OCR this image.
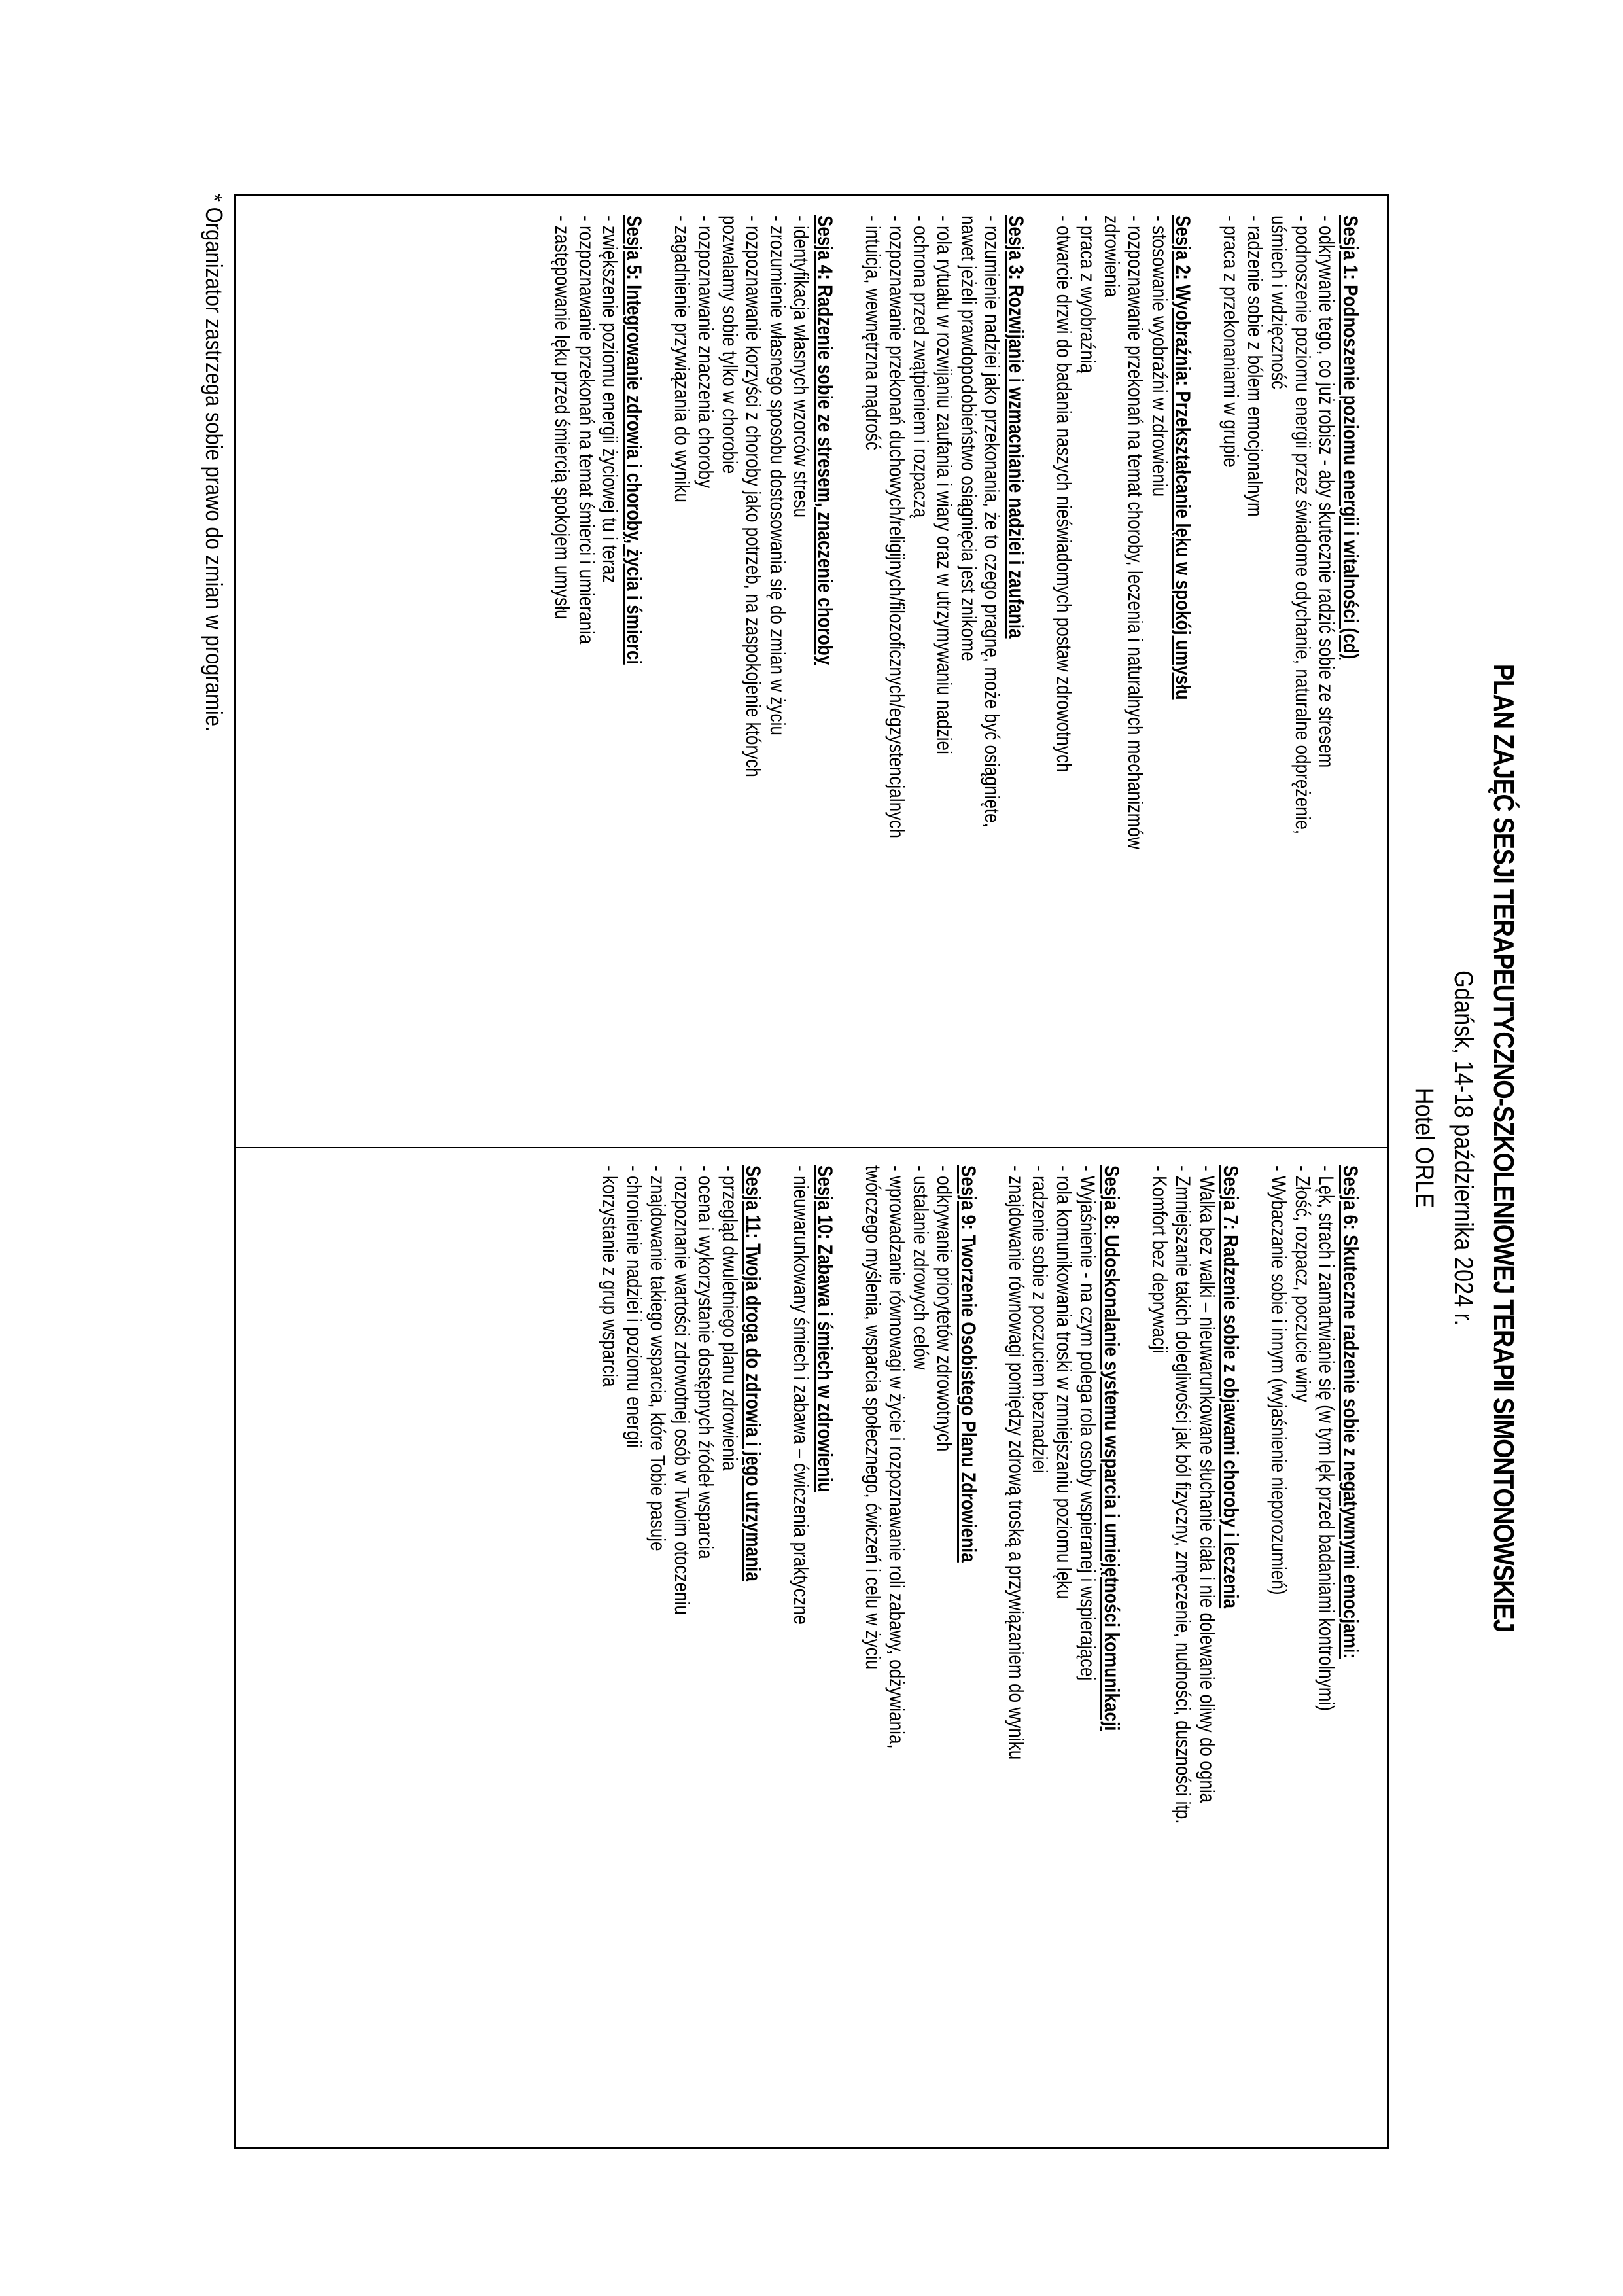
PLAN ZAJĘĆ SESJI TERAPEUTYCZNO-SZKOLENIOWEJ TERAPII SIMONTONOWSKIEJ
Gdańsk, 14-18 października 2024 r.
Hotel ORLE
Sesja 1: Podnoszenie poziomu energii i witalności (cd)
- odkrywanie tego, co już robisz - aby skutecznie radzić sobie ze stresem
- podnoszenie poziomu energii przez świadome odychanie, naturalne odprężenie,
uśmiech i wdzięczność
- radzenie sobie z bólem emocjonalnym
- praca z przekonaniami w grupie
Sesja 2: Wyobraźnia: Przekształcanie lęku w spokój umysłu
- stosowanie wyobraźni w zdrowieniu
- rozpoznawanie przekonań na temat choroby, leczenia i naturalnych mechanizmów
zdrowienia
- praca z wyobraźnią
- otwarcie drzwi do badania naszych nieświadomych postaw zdrowotnych
Sesja 3: Rozwijanie i wzmacnianie nadziei i zaufania
- rozumienie nadziei jako przekonania, że to czego pragnę, może być osiągnięte,
nawet jeżeli prawdopodobieństwo osiągnięcia jest znikome
- rola rytuału w rozwijaniu zaufania i wiary oraz w utrzymywaniu nadziei
- ochrona przed zwątpieniem i rozpaczą
- rozpoznawanie przekonań duchowych/religijnych/filozoficznych/egzystencjalnych
- intuicja, wewnętrzna mądrość
Sesja 4: Radzenie sobie ze stresem, znaczenie choroby
- identyfikacja własnych wzorców stresu
- zrozumienie własnego sposobu dostosowania się do zmian w życiu
- rozpoznawanie korzyści z choroby jako potrzeb, na zaspokojenie których
pozwalamy sobie tylko w chorobie
- rozpoznawanie znaczenia choroby
- zagadnienie przywiązania do wyniku
Sesja 5: Integrowanie zdrowia i choroby, życia i śmierci
- zwiększenie poziomu energii życiowej tu i teraz
- rozpoznawanie przekonań na temat śmierci i umierania
- zastępowanie lęku przed śmiercią spokojem umysłu
Sesja 6: Skuteczne radzenie sobie z negatywnymi emocjami:
- Lęk, strach i zamartwianie się (w tym lęk przed badaniami kontrolnymi)
- Złość, rozpacz, poczucie winy
- Wybaczanie sobie i innym (wyjaśnienie nieporozumień)
Sesja 7: Radzenie sobie z objawami choroby i leczenia
- Walka bez walki – nieuwarunkowane słuchanie ciała i nie dolewanie oliwy do ognia
- Zmniejszanie takich dolegliwości jak ból fizyczny, zmęczenie, nudności, duszności itp.
- Komfort bez deprywacji
Sesja 8: Udoskonalanie systemu wsparcia i umiejętności komunikacji
- Wyjaśnienie - na czym polega rola osoby wspieranej i wspierającej
- rola komunikowania troski w zmniejszaniu poziomu lęku
- radzenie sobie z poczuciem beznadziei
- znajdowanie równowagi pomiędzy zdrową troską a przywiązaniem do wyniku
Sesja 9: Tworzenie Osobistego Planu Zdrowienia
- odkrywanie priorytetów zdrowotnych
- ustalanie zdrowych celów
- wprowadzanie równowagi w życie i rozpoznawanie roli zabawy, odżywiania,
twórczego myślenia, wsparcia społecznego, ćwiczeń i celu w życiu
Sesja 10: Zabawa i śmiech w zdrowieniu
- nieuwarunkowany śmiech i zabawa – ćwiczenia praktyczne
Sesja 11: Twoja droga do zdrowia i jego utrzymania
- przegląd dwuletniego planu zdrowienia
- ocena i wykorzystanie dostępnych źródeł wsparcia
- rozpoznanie wartości zdrowotnej osób w Twoim otoczeniu
- znajdowanie takiego wsparcia, które Tobie pasuje
- chronienie nadziei i poziomu energii
- korzystanie z grup wsparcia
* Organizator zastrzega sobie prawo do zmian w programie.
